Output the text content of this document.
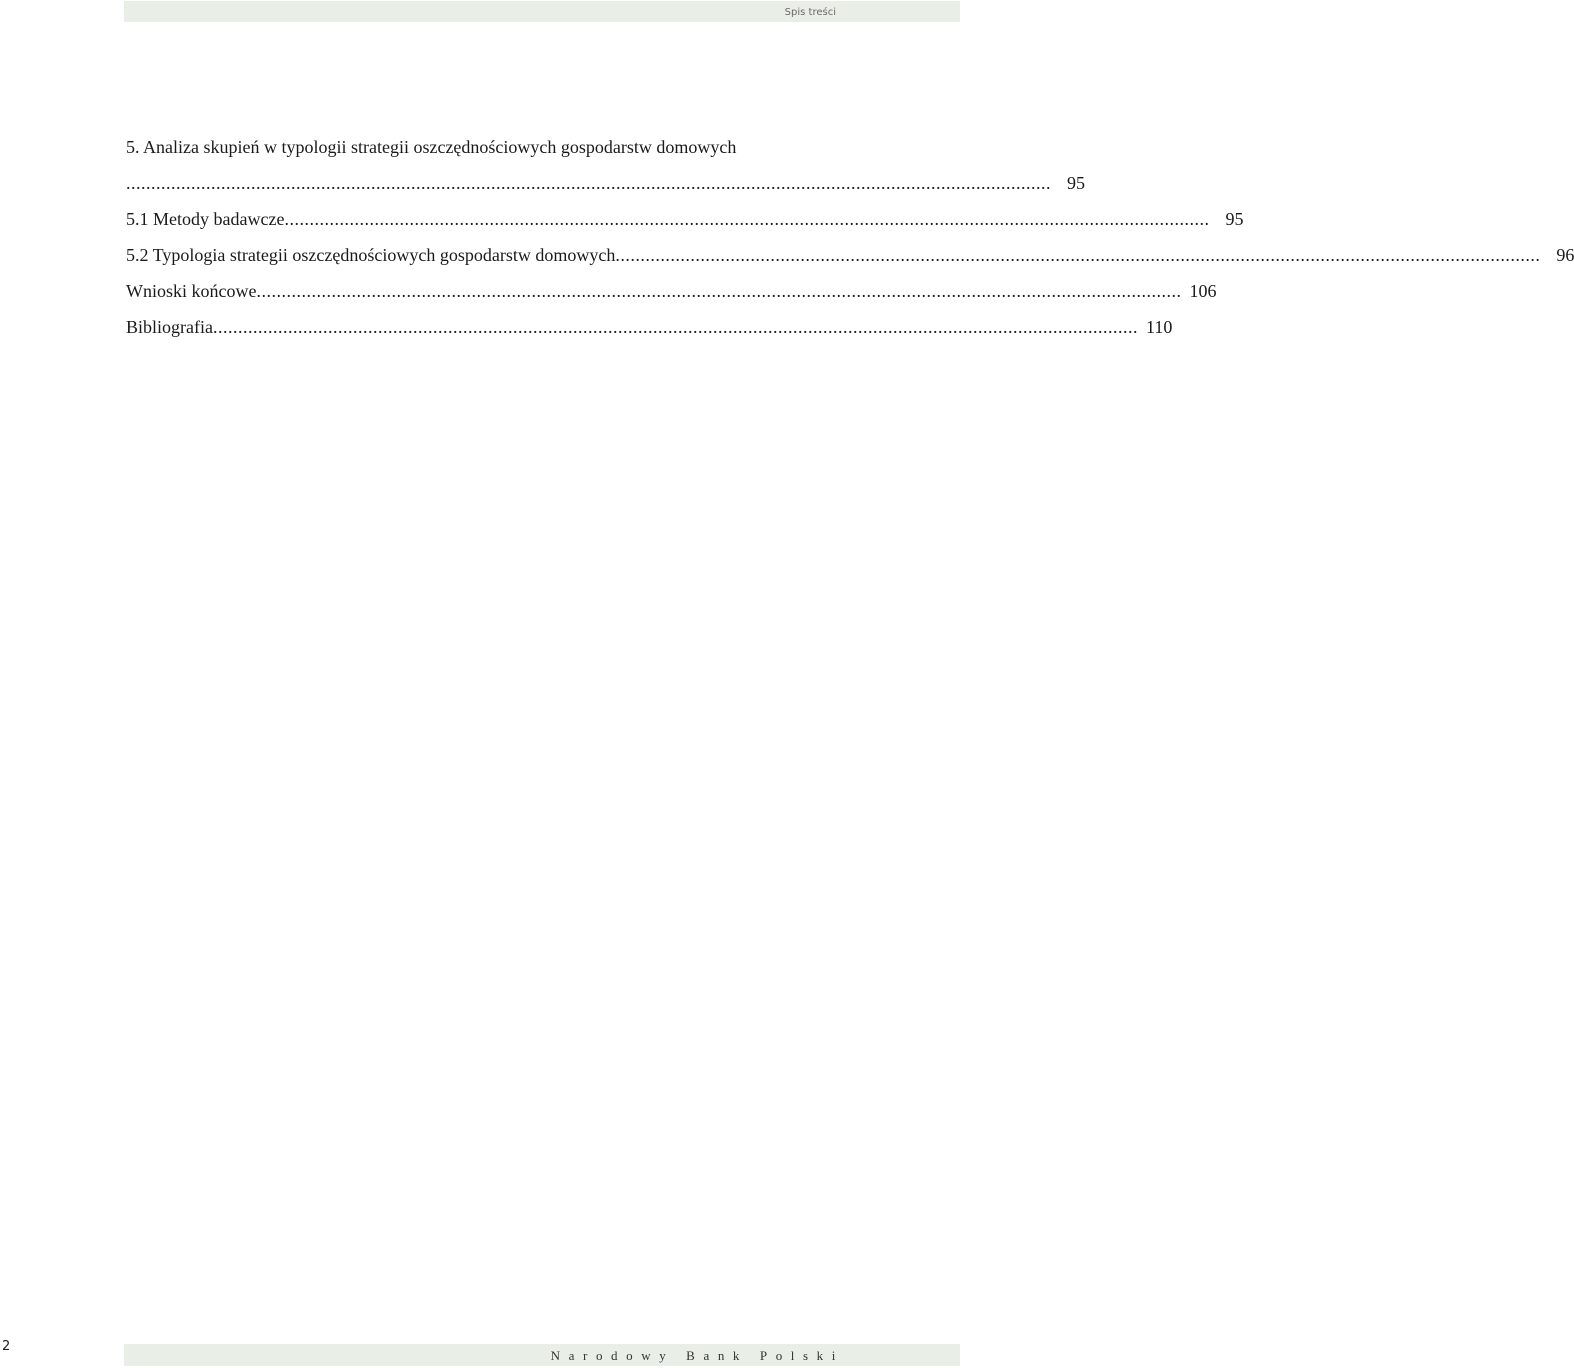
Spis treści
5. Analiza skupień w typologii strategii oszczędnościowych gospodarstw domowych
......................................................................................................................................................................................... 95
5.1 Metody badawcze ......................................................................................................................................................................................... 95
5.2 Typologia strategii oszczędnościowych gospodarstw domowych ......................................................................................................................................................................................... 96
Wnioski końcowe ......................................................................................................................................................................................... 106
Bibliografia ......................................................................................................................................................................................... 110
2
Narodowy Bank Polski
